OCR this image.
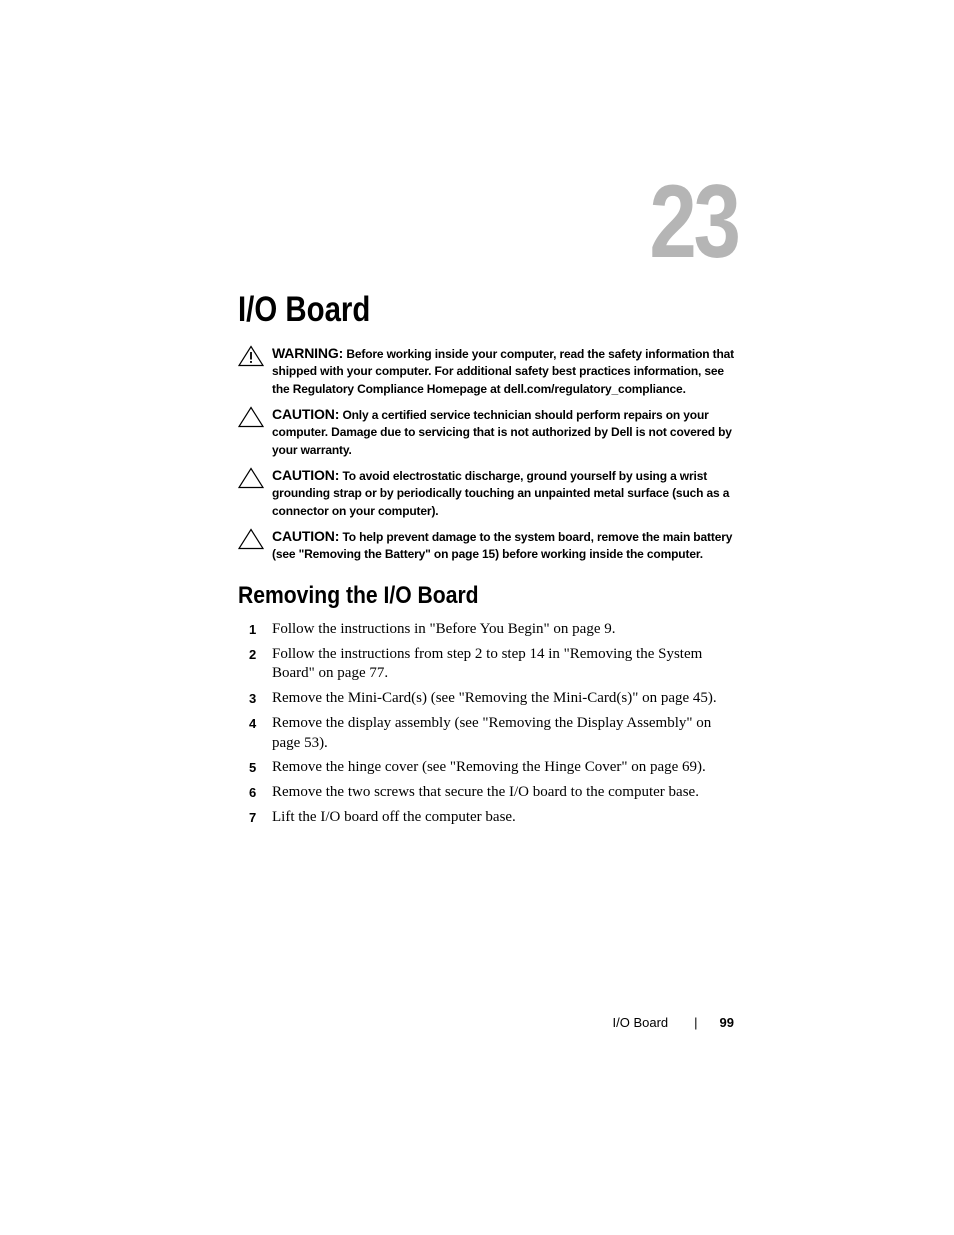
23
I/O Board
WARNING: Before working inside your computer, read the safety information that shipped with your computer. For additional safety best practices information, see the Regulatory Compliance Homepage at dell.com/regulatory_compliance.
CAUTION: Only a certified service technician should perform repairs on your computer. Damage due to servicing that is not authorized by Dell is not covered by your warranty.
CAUTION: To avoid electrostatic discharge, ground yourself by using a wrist grounding strap or by periodically touching an unpainted metal surface (such as a connector on your computer).
CAUTION: To help prevent damage to the system board, remove the main battery (see "Removing the Battery" on page 15) before working inside the computer.
Removing the I/O Board
1 Follow the instructions in "Before You Begin" on page 9.
2 Follow the instructions from step 2 to step 14 in "Removing the System Board" on page 77.
3 Remove the Mini-Card(s) (see "Removing the Mini-Card(s)" on page 45).
4 Remove the display assembly (see "Removing the Display Assembly" on page 53).
5 Remove the hinge cover (see "Removing the Hinge Cover" on page 69).
6 Remove the two screws that secure the I/O board to the computer base.
7 Lift the I/O board off the computer base.
I/O Board | 99
